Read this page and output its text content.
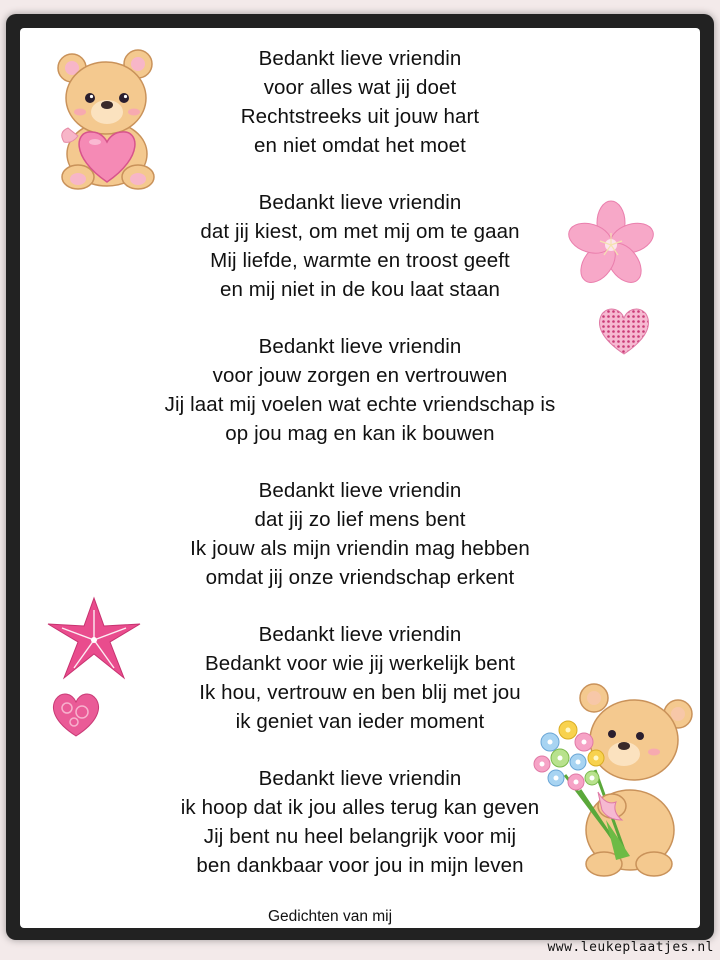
Bedankt lieve vriendin
voor alles wat jij doet
Rechtstreeks uit jouw hart
en niet omdat het moet
Bedankt lieve vriendin
dat jij kiest, om met mij om te gaan
Mij liefde, warmte en troost geeft
en mij niet in de kou laat staan
Bedankt lieve vriendin
voor jouw zorgen en vertrouwen
Jij laat mij voelen wat echte vriendschap is
op jou mag en kan ik bouwen
Bedankt lieve vriendin
dat jij zo lief mens bent
Ik jouw als mijn vriendin mag hebben
omdat jij onze vriendschap erkent
Bedankt lieve vriendin
Bedankt voor wie jij werkelijk bent
Ik hou, vertrouw en ben blij met jou
ik geniet van ieder moment
Bedankt lieve vriendin
ik hoop dat ik jou alles terug kan geven
Jij bent nu heel belangrijk voor mij
ben dankbaar voor jou in mijn leven
Gedichten van mij
www.leukeplaatjes.nl
